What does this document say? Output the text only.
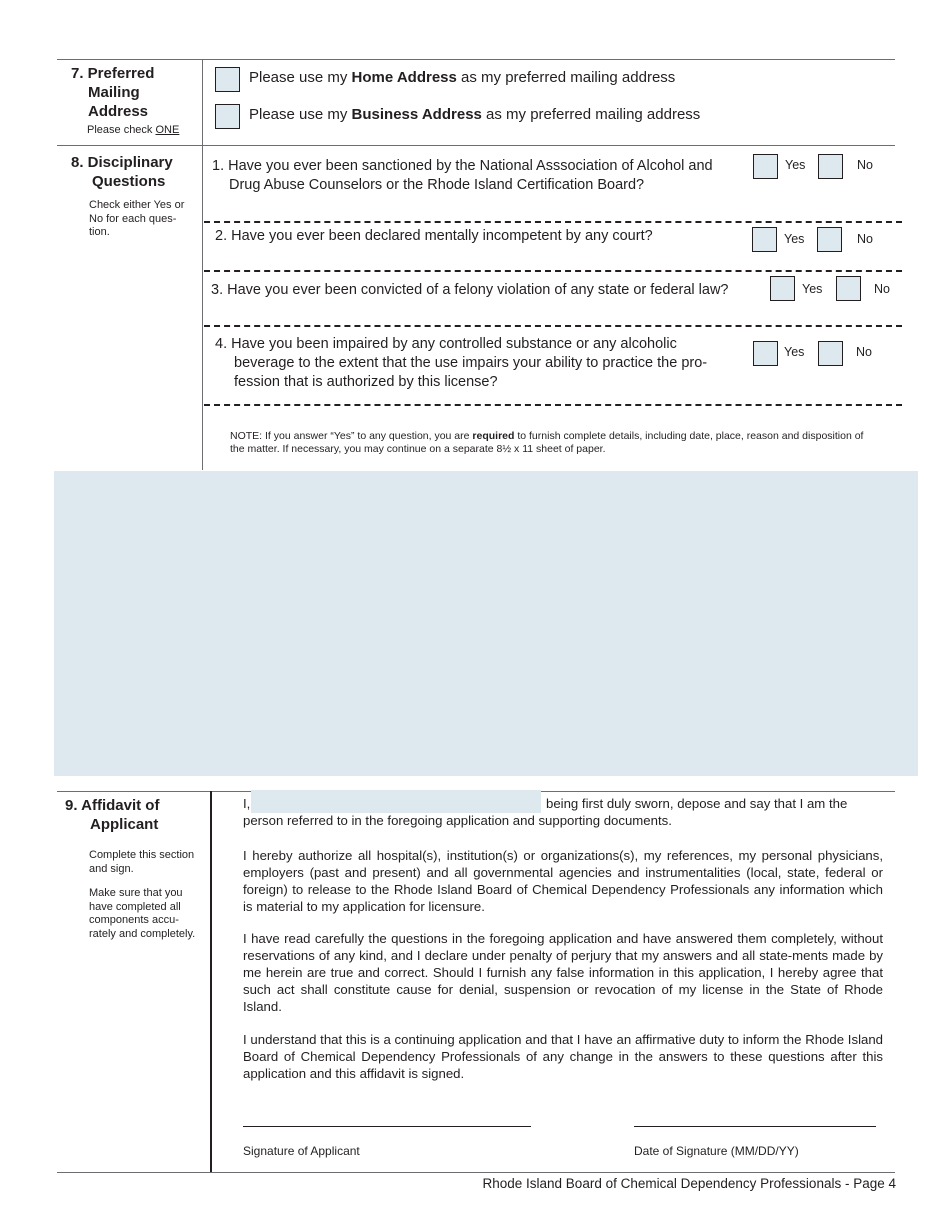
7. Preferred
Mailing
Address
Please check ONE
Please use my Home Address as my preferred mailing address
Please use my Business Address as my preferred mailing address
8. Disciplinary
Questions
Check either Yes or
No for each ques-
tion.
1. Have you ever been sanctioned by the National Asssociation of Alcohol and
Drug Abuse Counselors or the Rhode Island Certification Board?
Yes	No
2. Have you ever been declared mentally incompetent by any court?	Yes	No
3. Have you ever been convicted of a felony violation of any state or federal law?	Yes	No
4. Have you been impaired by any controlled substance or any alcoholic
beverage to the extent that the use impairs your ability to practice the pro-
fession that is authorized by this license?
Yes	No
NOTE: If you answer “Yes” to any question, you are required to furnish complete details, including date, place, reason and disposition of
the matter. If necessary, you may continue on a separate 8½ x 11 sheet of paper.
9. Affidavit of
Applicant
Complete this section
and sign.
Make sure that you
have completed all
components accu-
rately and completely.
I,	being first duly sworn, depose and say that I am the
person referred to in the foregoing application and supporting documents.
I hereby authorize all hospital(s), institution(s) or organizations(s), my references, my personal physicians, employers (past and present) and all governmental agencies and instrumentalities (local, state, federal or foreign) to release to the Rhode Island Board of Chemical Dependency Professionals any information which is material to my application for licensure.
I have read carefully the questions in the foregoing application and have answered them completely, without reservations of any kind, and I declare under penalty of perjury that my answers and all state-ments made by me herein are true and correct. Should I furnish any false information in this application, I hereby agree that such act shall constitute cause for denial, suspension or revocation of my license in the State of Rhode Island.
I understand that this is a continuing application and that I have an affirmative duty to inform the Rhode Island Board of Chemical Dependency Professionals of any change in the answers to these questions after this application and this affidavit is signed.
Signature of Applicant	Date of Signature (MM/DD/YY)
Rhode Island Board of Chemical Dependency Professionals - Page 4
